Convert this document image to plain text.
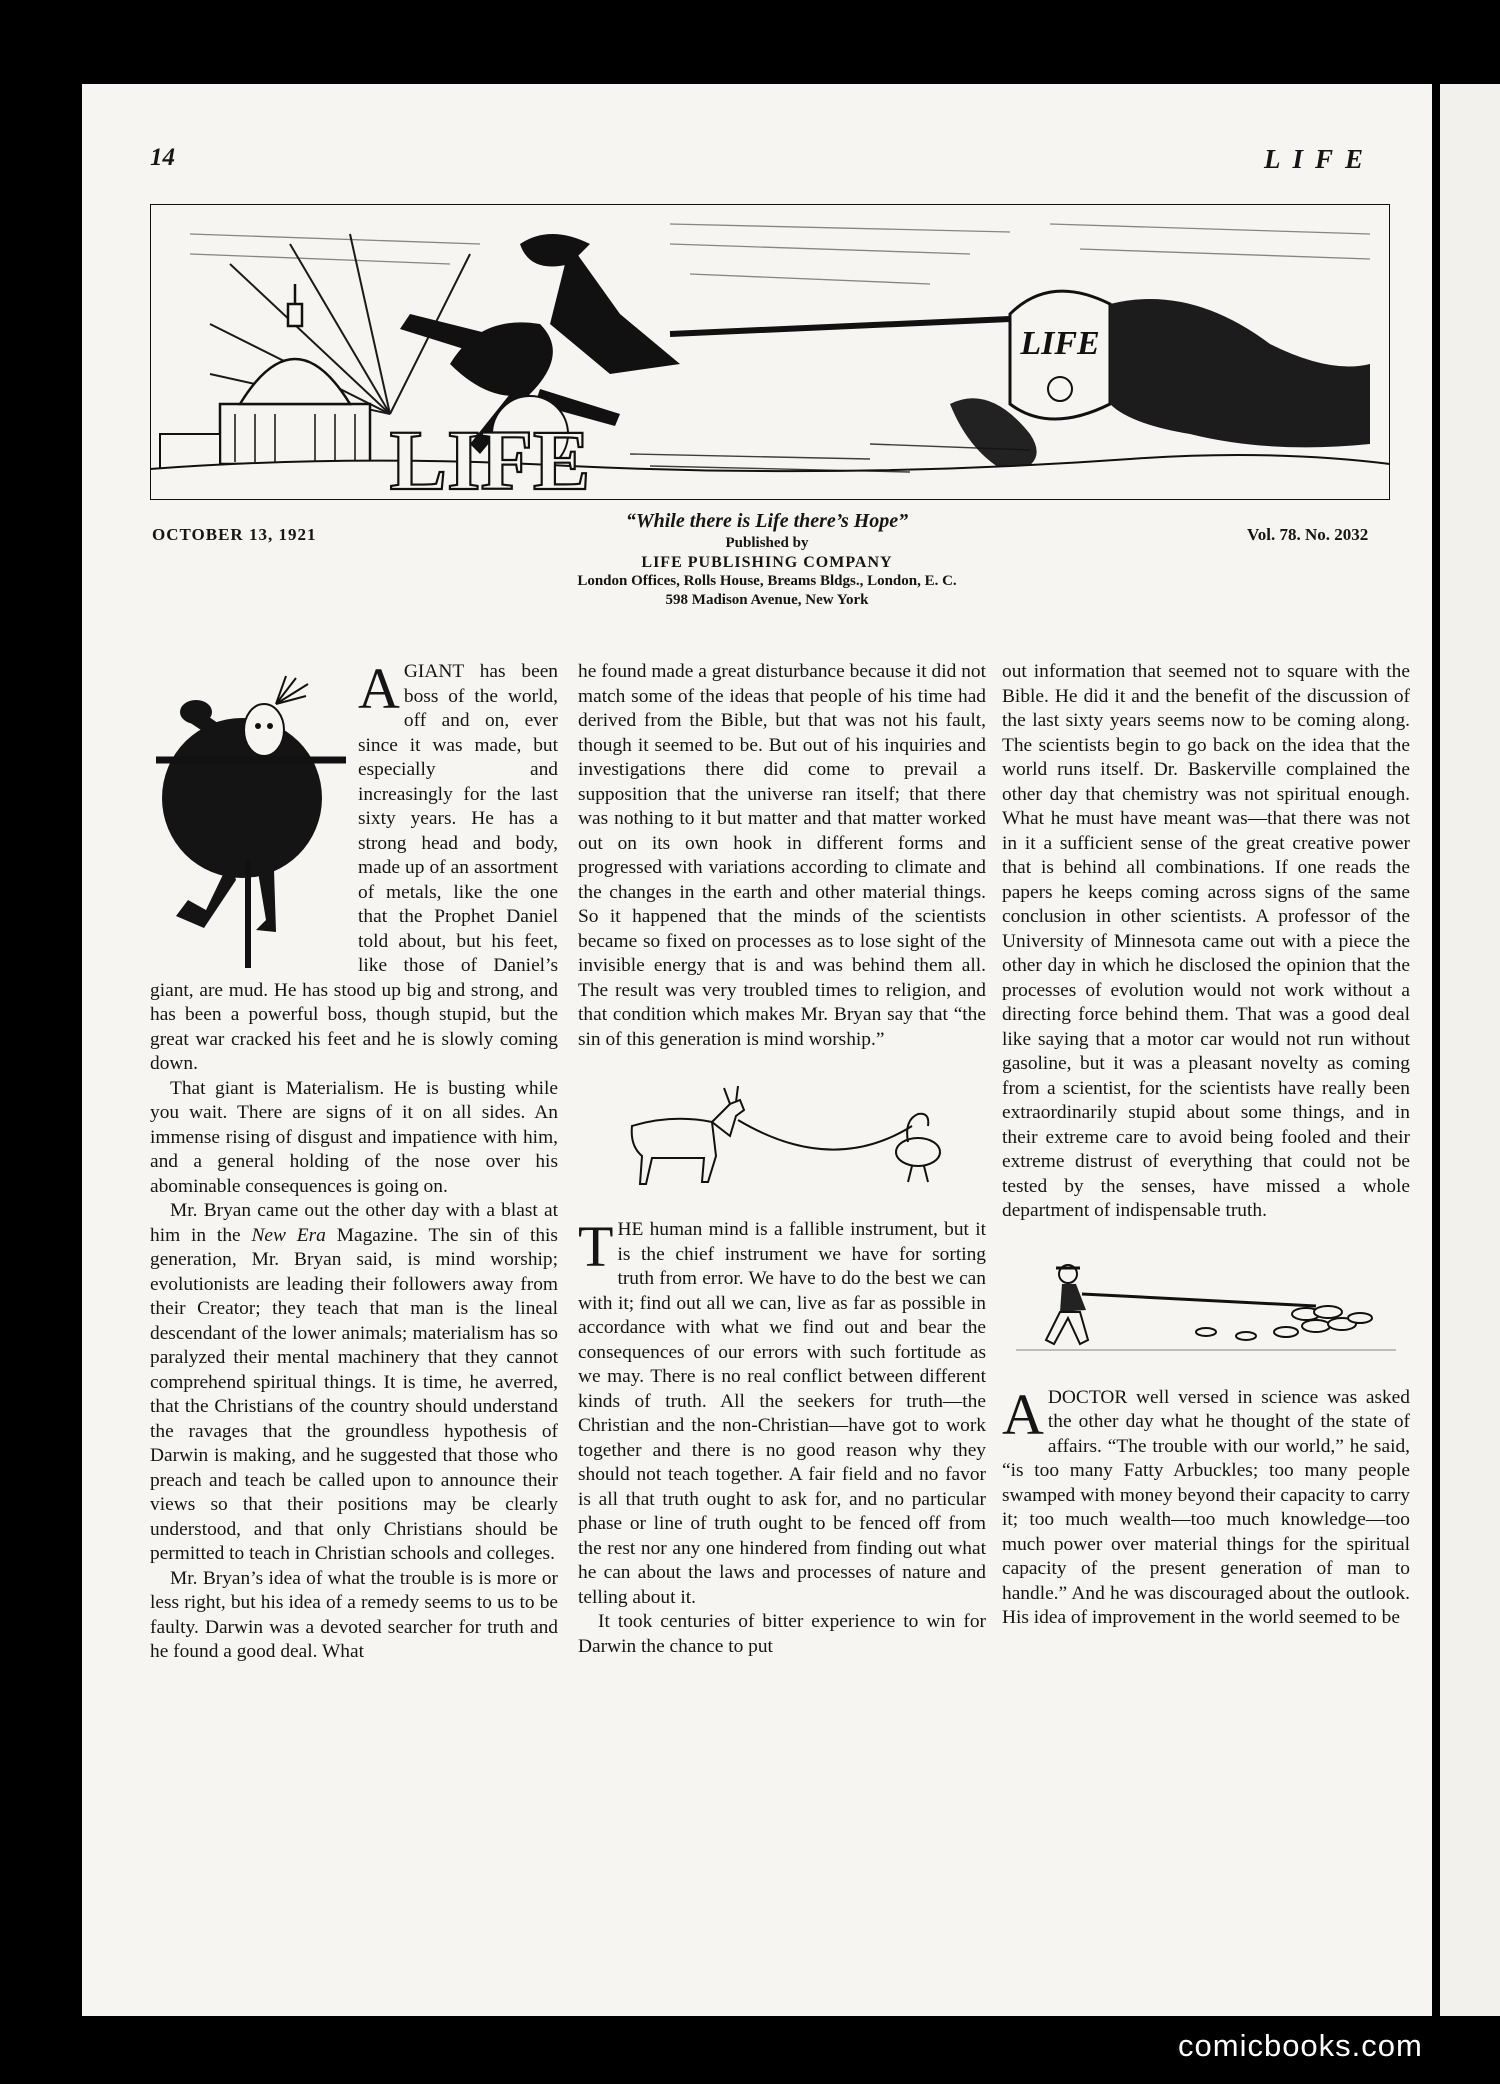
14	LIFE
LIFE
LIFE
OCTOBER 13, 1921
“While there is Life there’s Hope”
Published by
LIFE PUBLISHING COMPANY
London Offices, Rolls House, Breams Bldgs., London, E. C.
598 Madison Avenue, New York
Vol. 78. No. 2032

AGIANT has been boss of the world, off and on, ever since it was made, but especially and increasingly for the last sixty years. He has a strong head and body, made up of an assortment of metals, like the one that the Prophet Daniel told about, but his feet, like those of Daniel’s giant, are mud. He has stood up big and strong, and has been a powerful boss, though stupid, but the great war cracked his feet and he is slowly coming down.

That giant is Materialism. He is busting while you wait. There are signs of it on all sides. An immense rising of disgust and impatience with him, and a general holding of the nose over his abominable consequences is going on.

Mr. Bryan came out the other day with a blast at him in the New Era Magazine. The sin of this generation, Mr. Bryan said, is mind worship; evolutionists are leading their followers away from their Creator; they teach that man is the lineal descendant of the lower animals; materialism has so paralyzed their mental machinery that they cannot comprehend spiritual things. It is time, he averred, that the Christians of the country should understand the ravages that the groundless hypothesis of Darwin is making, and he suggested that those who preach and teach be called upon to announce their views so that their positions may be clearly understood, and that only Christians should be permitted to teach in Christian schools and colleges.

Mr. Bryan’s idea of what the trouble is is more or less right, but his idea of a remedy seems to us to be faulty. Darwin was a devoted searcher for truth and he found a good deal. What

he found made a great disturbance because it did not match some of the ideas that people of his time had derived from the Bible, but that was not his fault, though it seemed to be. But out of his inquiries and investigations there did come to prevail a supposition that the universe ran itself; that there was nothing to it but matter and that matter worked out on its own hook in different forms and progressed with variations according to climate and the changes in the earth and other material things. So it happened that the minds of the scientists became so fixed on processes as to lose sight of the invisible energy that is and was behind them all. The result was very troubled times to religion, and that condition which makes Mr. Bryan say that “the sin of this generation is mind worship.”

THE human mind is a fallible instrument, but it is the chief instrument we have for sorting truth from error. We have to do the best we can with it; find out all we can, live as far as possible in accordance with what we find out and bear the consequences of our errors with such fortitude as we may. There is no real conflict between different kinds of truth. All the seekers for truth—the Christian and the non-Christian—have got to work together and there is no good reason why they should not teach together. A fair field and no favor is all that truth ought to ask for, and no particular phase or line of truth ought to be fenced off from the rest nor any one hindered from finding out what he can about the laws and processes of nature and telling about it.

It took centuries of bitter experience to win for Darwin the chance to put

out information that seemed not to square with the Bible. He did it and the benefit of the discussion of the last sixty years seems now to be coming along. The scientists begin to go back on the idea that the world runs itself. Dr. Baskerville complained the other day that chemistry was not spiritual enough. What he must have meant was—that there was not in it a sufficient sense of the great creative power that is behind all combinations. If one reads the papers he keeps coming across signs of the same conclusion in other scientists. A professor of the University of Minnesota came out with a piece the other day in which he disclosed the opinion that the processes of evolution would not work without a directing force behind them. That was a good deal like saying that a motor car would not run without gasoline, but it was a pleasant novelty as coming from a scientist, for the scientists have really been extraordinarily stupid about some things, and in their extreme care to avoid being fooled and their extreme distrust of everything that could not be tested by the senses, have missed a whole department of indispensable truth.

ADOCTOR well versed in science was asked the other day what he thought of the state of affairs. “The trouble with our world,” he said, “is too many Fatty Arbuckles; too many people swamped with money beyond their capacity to carry it; too much wealth—too much knowledge—too much power over material things for the spiritual capacity of the present generation of man to handle.” And he was discouraged about the outlook. His idea of improvement in the world seemed to be

comicbooks.com
